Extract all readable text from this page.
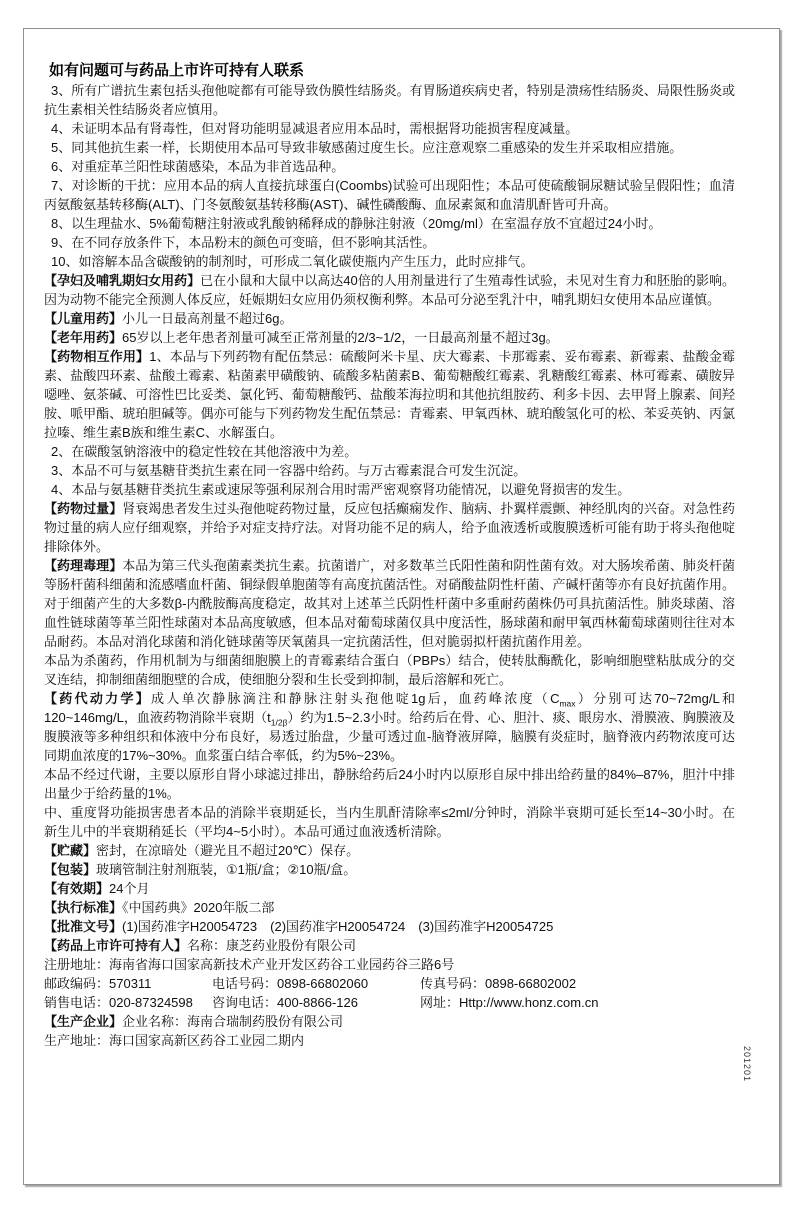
3、所有广谱抗生素包括头孢他啶都有可能导致伪膜性结肠炎。有胃肠道疾病史者，特别是溃疡性结肠炎、局限性肠炎或抗生素相关性结肠炎者应慎用。

4、未证明本品有肾毒性，但对肾功能明显减退者应用本品时，需根据肾功能损害程度减量。

5、同其他抗生素一样，长期使用本品可导致非敏感菌过度生长。应注意观察二重感染的发生并采取相应措施。

6、对重症革兰阳性球菌感染，本品为非首选品种。

7、对诊断的干扰：应用本品的病人直接抗球蛋白(Coombs)试验可出现阳性；本品可使硫酸铜尿糖试验呈假阳性；血清丙氨酸氨基转移酶(ALT)、门冬氨酸氨基转移酶(AST)、碱性磷酸酶、血尿素氮和血清肌酐皆可升高。

8、以生理盐水、5%葡萄糖注射液或乳酸钠稀释成的静脉注射液（20mg/ml）在室温存放不宜超过24小时。

9、在不同存放条件下，本品粉末的颜色可变暗，但不影响其活性。

10、如溶解本品含碳酸钠的制剂时，可形成二氧化碳使瓶内产生压力，此时应排气。

【孕妇及哺乳期妇女用药】已在小鼠和大鼠中以高达40倍的人用剂量进行了生殖毒性试验，未见对生育力和胚胎的影响。因为动物不能完全预测人体反应，妊娠期妇女应用仍须权衡利弊。本品可分泌至乳汁中，哺乳期妇女使用本品应谨慎。

【儿童用药】小儿一日最高剂量不超过6g。

【老年用药】65岁以上老年患者剂量可减至正常剂量的2/3~1/2，一日最高剂量不超过3g。

【药物相互作用】1、本品与下列药物有配伍禁忌：硫酸阿米卡星、庆大霉素、卡那霉素、妥布霉素、新霉素、盐酸金霉素、盐酸四环素、盐酸土霉素、粘菌素甲磺酸钠、硫酸多粘菌素B、葡萄糖酸红霉素、乳糖酸红霉素、林可霉素、磺胺异噁唑、氨茶碱、可溶性巴比妥类、氯化钙、葡萄糖酸钙、盐酸苯海拉明和其他抗组胺药、利多卡因、去甲肾上腺素、间羟胺、哌甲酯、琥珀胆碱等。偶亦可能与下列药物发生配伍禁忌：青霉素、甲氧西林、琥珀酸氢化可的松、苯妥英钠、丙氯拉嗪、维生素B族和维生素C、水解蛋白。

2、在碳酸氢钠溶液中的稳定性较在其他溶液中为差。

3、本品不可与氨基糖苷类抗生素在同一容器中给药。与万古霉素混合可发生沉淀。

4、本品与氨基糖苷类抗生素或速尿等强利尿剂合用时需严密观察肾功能情况，以避免肾损害的发生。

【药物过量】肾衰竭患者发生过头孢他啶药物过量，反应包括癫痫发作、脑病、扑翼样震颤、神经肌肉的兴奋。对急性药物过量的病人应仔细观察，并给予对症支持疗法。对肾功能不足的病人，给予血液透析或腹膜透析可能有助于将头孢他啶排除体外。

【药理毒理】本品为第三代头孢菌素类抗生素。抗菌谱广，对多数革兰氏阳性菌和阴性菌有效。对大肠埃希菌、肺炎杆菌等肠杆菌科细菌和流感嗜血杆菌、铜绿假单胞菌等有高度抗菌活性。对硝酸盐阴性杆菌、产碱杆菌等亦有良好抗菌作用。对于细菌产生的大多数β-内酰胺酶高度稳定，故其对上述革兰氏阴性杆菌中多重耐药菌株仍可具抗菌活性。肺炎球菌、溶血性链球菌等革兰阳性球菌对本品高度敏感，但本品对葡萄球菌仅具中度活性，肠球菌和耐甲氧西林葡萄球菌则往往对本品耐药。本品对消化球菌和消化链球菌等厌氧菌具一定抗菌活性，但对脆弱拟杆菌抗菌作用差。

本品为杀菌药，作用机制为与细菌细胞膜上的青霉素结合蛋白（PBPs）结合，使转肽酶酰化，影响细胞壁粘肽成分的交叉连结，抑制细菌细胞壁的合成，使细胞分裂和生长受到抑制，最后溶解和死亡。

【药代动力学】成人单次静脉滴注和静脉注射头孢他啶1g后，血药峰浓度$(C_{max})$分别可达70~72mg/L和120~146mg/L，血液药物消除半衰期$(t_{1/2\beta})$约为1.5~2.3小时。给药后在骨、心、胆汁、痰、眼房水、滑膜液、胸膜液及腹膜液等多种组织和体液中分布良好，易透过胎盘，少量可透过血-脑脊液屏障，脑膜有炎症时，脑脊液内药物浓度可达同期血浓度的17%~30%。血浆蛋白结合率低，约为5%~23%。

本品不经过代谢，主要以原形自肾小球滤过排出，静脉给药后24小时内以原形自尿中排出给药量的84%–87%，胆汁中排出量少于给药量的1%。

中、重度肾功能损害患者本品的消除半衰期延长，当内生肌酐清除率≤2ml/分钟时，消除半衰期可延长至14~30小时。在新生儿中的半衰期稍延长（平均4~5小时）。本品可通过血液透析清除。

【贮藏】密封，在凉暗处（避光且不超过20℃）保存。

【包装】玻璃管制注射剂瓶装，①1瓶/盒；②10瓶/盒。

【有效期】24个月

【执行标准】《中国药典》2020年版二部

【批准文号】(1)国药准字H20054723　(2)国药准字H20054724　(3)国药准字H20054725

【药品上市许可持有人】名称：康芝药业股份有限公司

注册地址：海南省海口国家高新技术产业开发区药谷工业园药谷三路6号

邮政编码：570311	电话号码：0898-66802060	传真号码：0898-66802002

销售电话：020-87324598	咨询电话：400-8866-126	网址：Http://www.honz.com.cn

【生产企业】企业名称：海南合瑞制药股份有限公司

生产地址：海口国家高新区药谷工业园二期内

如有问题可与药品上市许可持有人联系

201201
